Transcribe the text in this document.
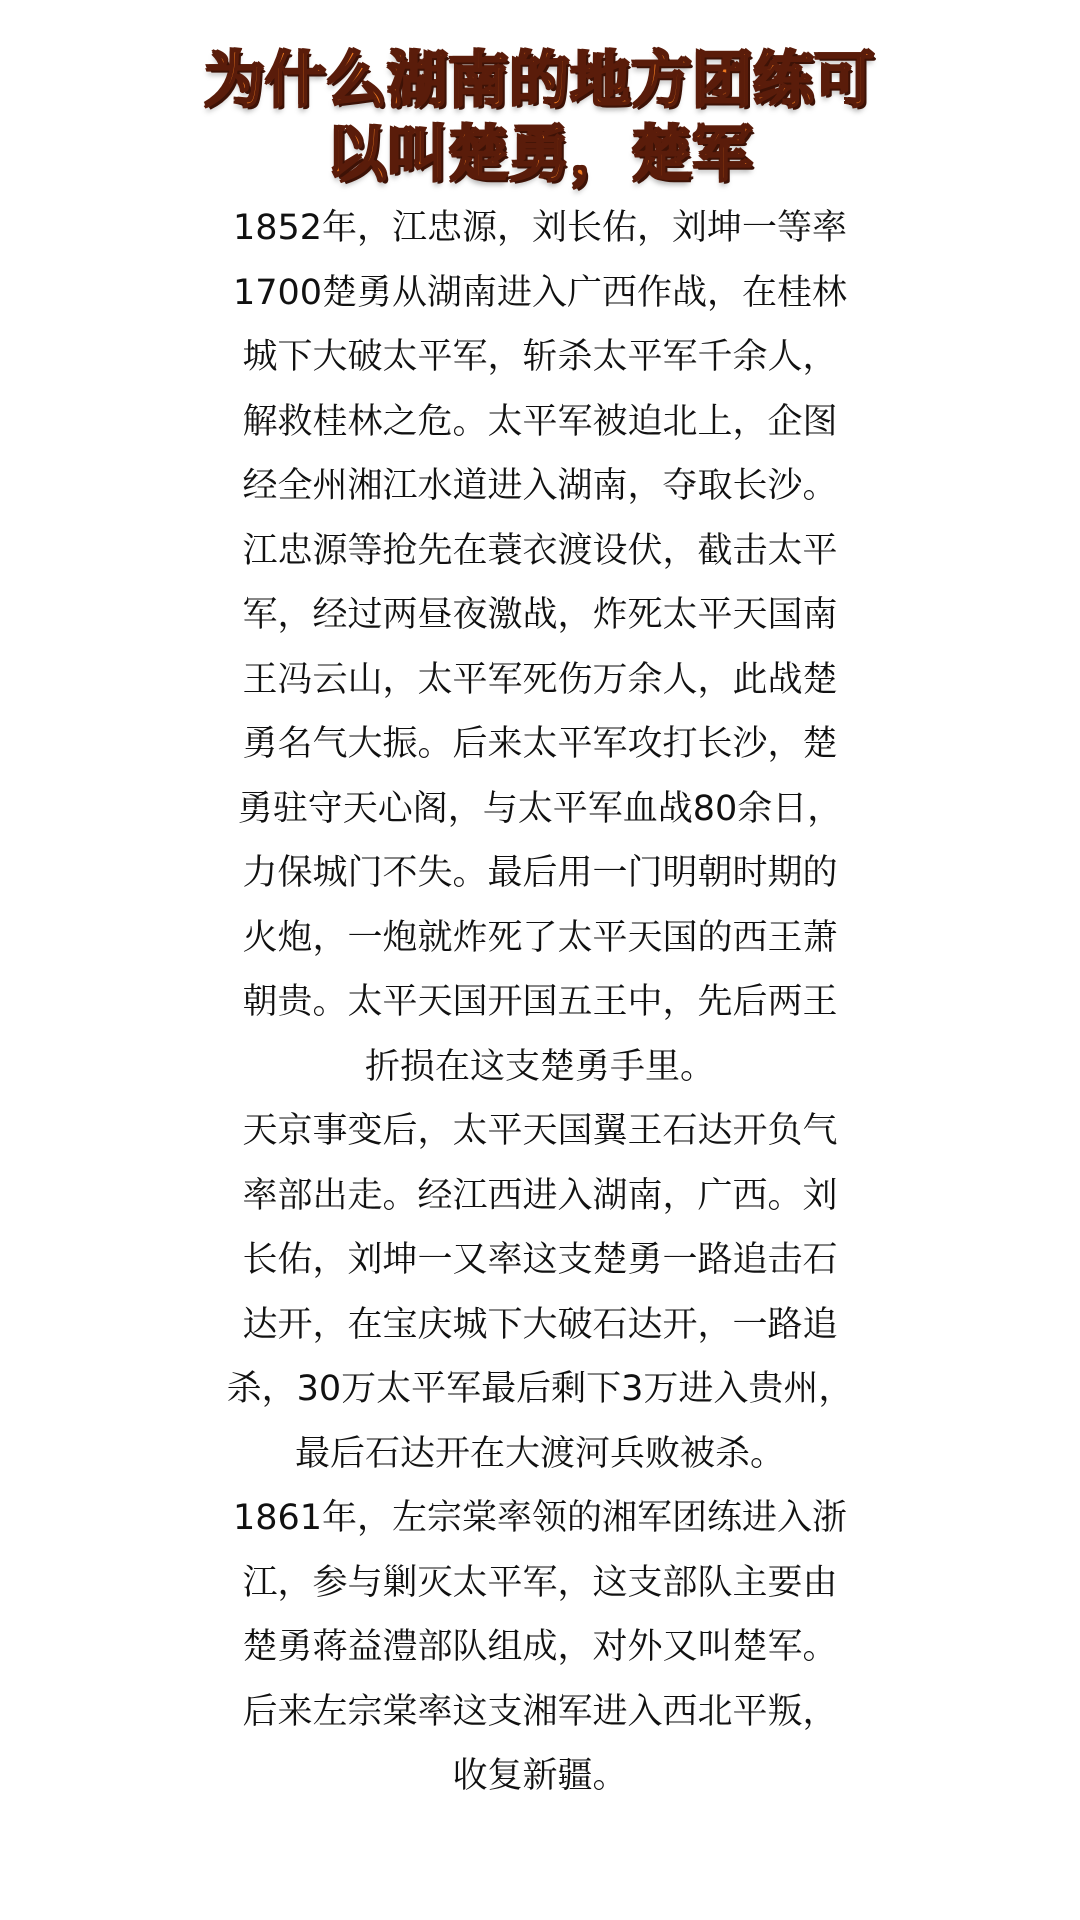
为什么湖南的地方团练可
以叫楚勇，楚军
1852年，江忠源，刘长佑，刘坤一等率
1700楚勇从湖南进入广西作战，在桂林
城下大破太平军，斩杀太平军千余人，
解救桂林之危。太平军被迫北上，企图
经全州湘江水道进入湖南，夺取长沙。
江忠源等抢先在蓑衣渡设伏，截击太平
军，经过两昼夜激战，炸死太平天国南
王冯云山，太平军死伤万余人，此战楚
勇名气大振。后来太平军攻打长沙，楚
勇驻守天心阁，与太平军血战80余日，
力保城门不失。最后用一门明朝时期的
火炮，一炮就炸死了太平天国的西王萧
朝贵。太平天国开国五王中，先后两王
折损在这支楚勇手里。
天京事变后，太平天国翼王石达开负气
率部出走。经江西进入湖南，广西。刘
长佑，刘坤一又率这支楚勇一路追击石
达开，在宝庆城下大破石达开，一路追
杀，30万太平军最后剩下3万进入贵州，
最后石达开在大渡河兵败被杀。
1861年，左宗棠率领的湘军团练进入浙
江，参与剿灭太平军，这支部队主要由
楚勇蒋益澧部队组成，对外又叫楚军。
后来左宗棠率这支湘军进入西北平叛，
收复新疆。
